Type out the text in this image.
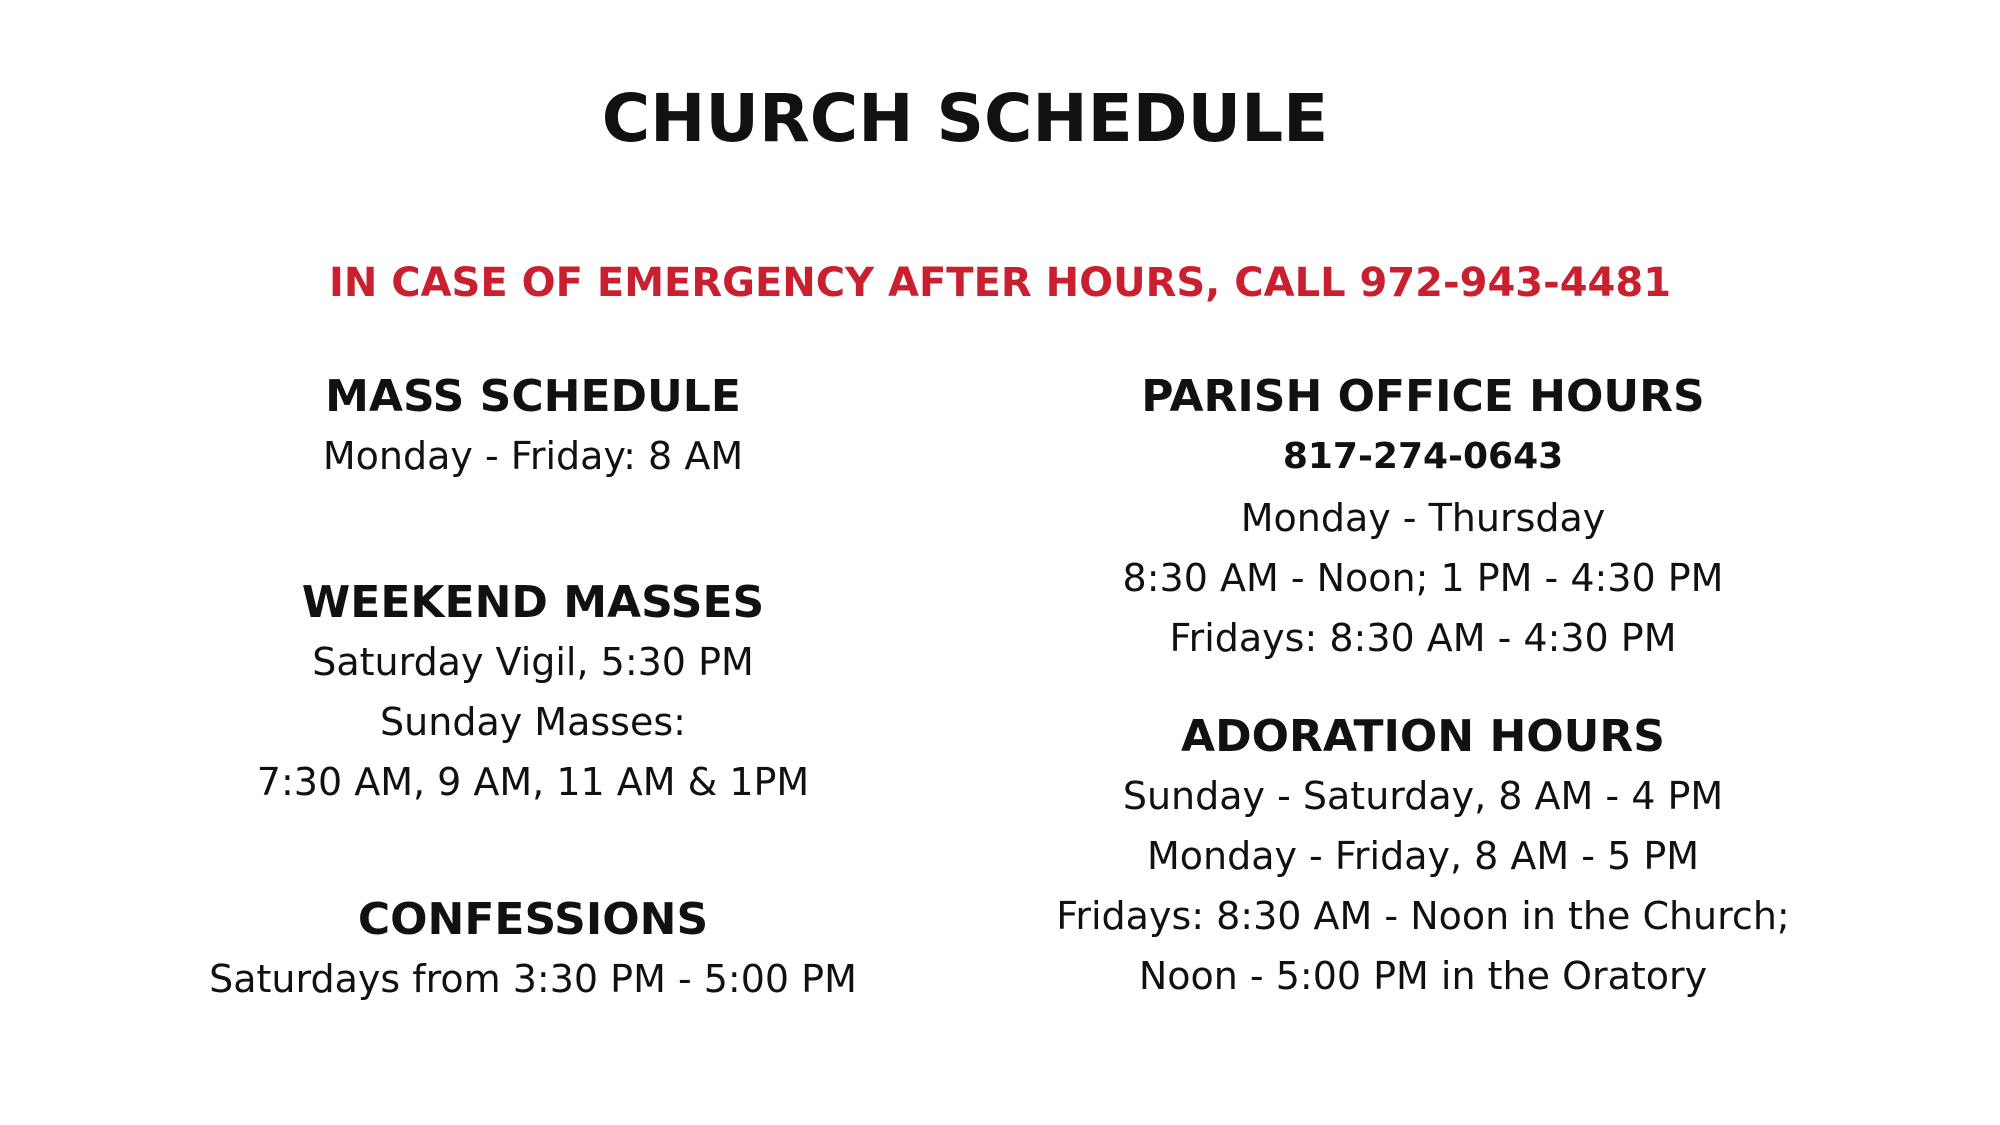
CHURCH SCHEDULE

IN CASE OF EMERGENCY AFTER HOURS, CALL 972-943-4481

MASS SCHEDULE
Monday - Friday: 8 AM
WEEKEND MASSES
Saturday Vigil, 5:30 PM
Sunday Masses:
7:30 AM, 9 AM, 11 AM & 1PM
CONFESSIONS
Saturdays from 3:30 PM - 5:00 PM
PARISH OFFICE HOURS
817-274-0643
Monday - Thursday
8:30 AM - Noon; 1 PM - 4:30 PM
Fridays: 8:30 AM - 4:30 PM
ADORATION HOURS
Sunday - Saturday, 8 AM - 4 PM
Monday - Friday, 8 AM - 5 PM
Fridays: 8:30 AM - Noon in the Church;
Noon - 5:00 PM in the Oratory
